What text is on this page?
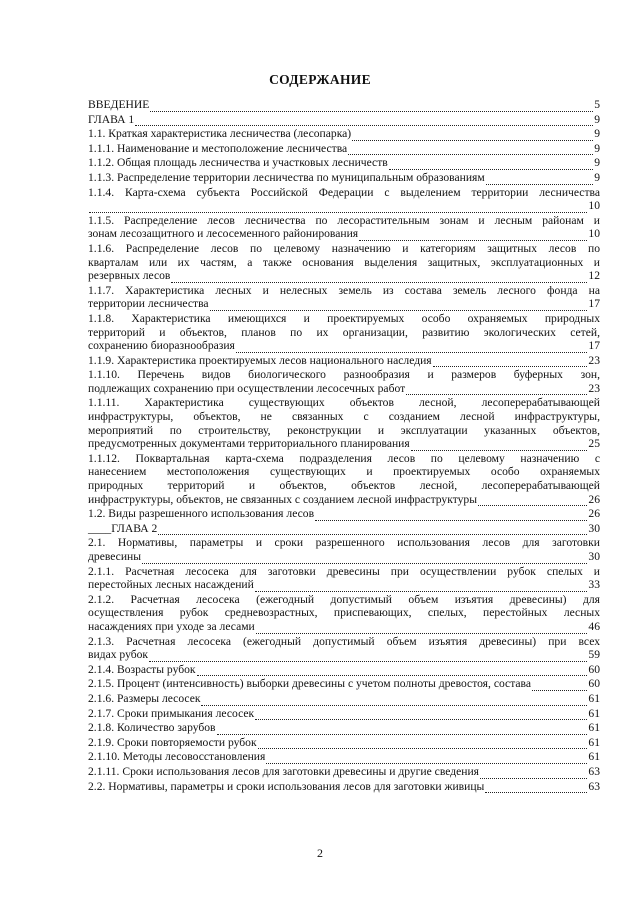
СОДЕРЖАНИЕ
ВВЕДЕНИЕ	5
ГЛАВА 1	9
1.1. Краткая характеристика лесничества (лесопарка)	9
1.1.1. Наименование и местоположение лесничества	9
1.1.2. Общая площадь лесничества и участковых лесничеств	9
1.1.3. Распределение территории лесничества по муниципальным образованиям	9
1.1.4. Карта-схема субъекта Российской Федерации с выделением территории лесничества
10
1.1.5. Распределение лесов лесничества по лесорастительным зонам и лесным районам и
зонам лесозащитного и лесосеменного районирования	10
1.1.6. Распределение лесов по целевому назначению и категориям защитных лесов по
кварталам или их частям, а также основания выделения защитных, эксплуатационных и
резервных лесов	12
1.1.7. Характеристика лесных и нелесных земель из состава земель лесного фонда на
территории лесничества	17
1.1.8. Характеристика имеющихся и проектируемых особо охраняемых природных
территорий и объектов, планов по их организации, развитию экологических сетей,
сохранению биоразнообразия	17
1.1.9. Характеристика проектируемых лесов национального наследия	23
1.1.10. Перечень видов биологического разнообразия и размеров буферных зон,
подлежащих сохранению при осуществлении лесосечных работ	23
1.1.11. Характеристика существующих объектов лесной, лесоперерабатывающей
инфраструктуры, объектов, не связанных с созданием лесной инфраструктуры,
мероприятий по строительству, реконструкции и эксплуатации указанных объектов,
предусмотренных документами территориального планирования	25
1.1.12. Поквартальная карта-схема подразделения лесов по целевому назначению с
нанесением местоположения существующих и проектируемых особо охраняемых
природных территорий и объектов, объектов лесной, лесоперерабатывающей
инфраструктуры, объектов, не связанных с созданием лесной инфраструктуры	26
1.2. Виды разрешенного использования лесов	26
____ГЛАВА 2	30
2.1. Нормативы, параметры и сроки разрешенного использования лесов для заготовки
древесины	30
2.1.1. Расчетная лесосека для заготовки древесины при осуществлении рубок спелых и
перестойных лесных насаждений	33
2.1.2. Расчетная лесосека (ежегодный допустимый объем изъятия древесины) для
осуществления рубок средневозрастных, приспевающих, спелых, перестойных лесных
насаждениях при уходе за лесами	46
2.1.3. Расчетная лесосека (ежегодный допустимый объем изъятия древесины) при всех
видах рубок	59
2.1.4. Возрасты рубок	60
2.1.5. Процент (интенсивность) выборки древесины с учетом полноты древостоя, состава	60
2.1.6. Размеры лесосек	61
2.1.7. Сроки примыкания лесосек	61
2.1.8. Количество зарубов	61
2.1.9. Сроки повторяемости рубок	61
2.1.10. Методы лесовосстановления	61
2.1.11. Сроки использования лесов для заготовки древесины и другие сведения	63
2.2. Нормативы, параметры и сроки использования лесов для заготовки живицы	63
2
